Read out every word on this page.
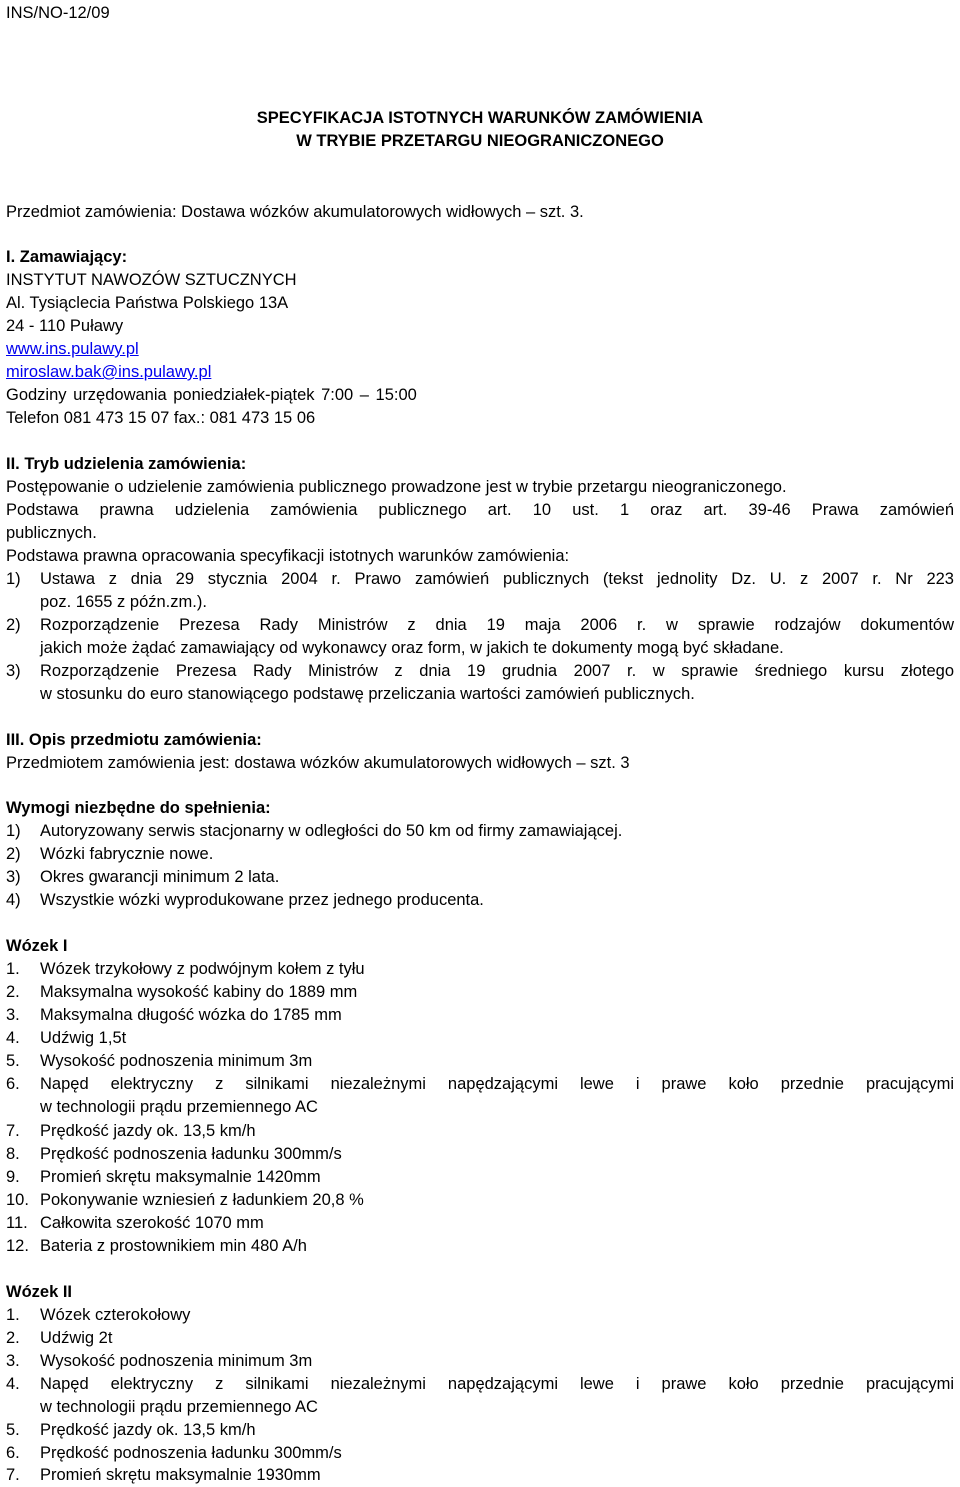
INS/NO-12/09
SPECYFIKACJA ISTOTNYCH WARUNKÓW ZAMÓWIENIA
W TRYBIE PRZETARGU NIEOGRANICZONEGO
Przedmiot zamówienia: Dostawa wózków akumulatorowych widłowych – szt. 3.
I. Zamawiający:
INSTYTUT NAWOZÓW SZTUCZNYCH
Al. Tysiąclecia Państwa Polskiego 13A
24 - 110 Puławy
www.ins.pulawy.pl
miroslaw.bak@ins.pulawy.pl
Godziny urzędowania poniedziałek-piątek 7:00 – 15:00
Telefon 081 473 15 07 fax.: 081 473 15 06
II. Tryb udzielenia zamówienia:
Postępowanie o udzielenie zamówienia publicznego prowadzone jest w trybie przetargu nieograniczonego.
Podstawa prawna udzielenia zamówienia publicznego art. 10 ust. 1 oraz art. 39-46 Prawa zamówień
publicznych.
Podstawa prawna opracowania specyfikacji istotnych warunków zamówienia:
1) Ustawa z dnia 29 stycznia 2004 r. Prawo zamówień publicznych (tekst jednolity Dz. U. z 2007 r. Nr 223
poz. 1655 z późn.zm.).
2) Rozporządzenie Prezesa Rady Ministrów z dnia 19 maja 2006 r. w sprawie rodzajów dokumentów
jakich może żądać zamawiający od wykonawcy oraz form, w jakich te dokumenty mogą być składane.
3) Rozporządzenie Prezesa Rady Ministrów z dnia 19 grudnia 2007 r. w sprawie średniego kursu złotego
w stosunku do euro stanowiącego podstawę przeliczania wartości zamówień publicznych.
III. Opis przedmiotu zamówienia:
Przedmiotem zamówienia jest: dostawa wózków akumulatorowych widłowych – szt. 3
Wymogi niezbędne do spełnienia:
1) Autoryzowany serwis stacjonarny w odległości do 50 km od firmy zamawiającej.
2) Wózki fabrycznie nowe.
3) Okres gwarancji minimum 2 lata.
4) Wszystkie wózki wyprodukowane przez jednego producenta.
Wózek I
1. Wózek trzykołowy z podwójnym kołem z tyłu
2. Maksymalna wysokość kabiny do 1889 mm
3. Maksymalna długość wózka do 1785 mm
4. Udźwig 1,5t
5. Wysokość podnoszenia minimum 3m
6. Napęd elektryczny z silnikami niezależnymi napędzającymi lewe i prawe koło przednie pracującymi
w technologii prądu przemiennego AC
7. Prędkość jazdy ok. 13,5 km/h
8. Prędkość podnoszenia ładunku 300mm/s
9. Promień skrętu maksymalnie 1420mm
10. Pokonywanie wzniesień z ładunkiem 20,8 %
11. Całkowita szerokość 1070 mm
12. Bateria z prostownikiem min 480 A/h
Wózek II
1. Wózek czterokołowy
2. Udźwig 2t
3. Wysokość podnoszenia minimum 3m
4. Napęd elektryczny z silnikami niezależnymi napędzającymi lewe i prawe koło przednie pracującymi
w technologii prądu przemiennego AC
5. Prędkość jazdy ok. 13,5 km/h
6. Prędkość podnoszenia ładunku 300mm/s
7. Promień skrętu maksymalnie 1930mm
